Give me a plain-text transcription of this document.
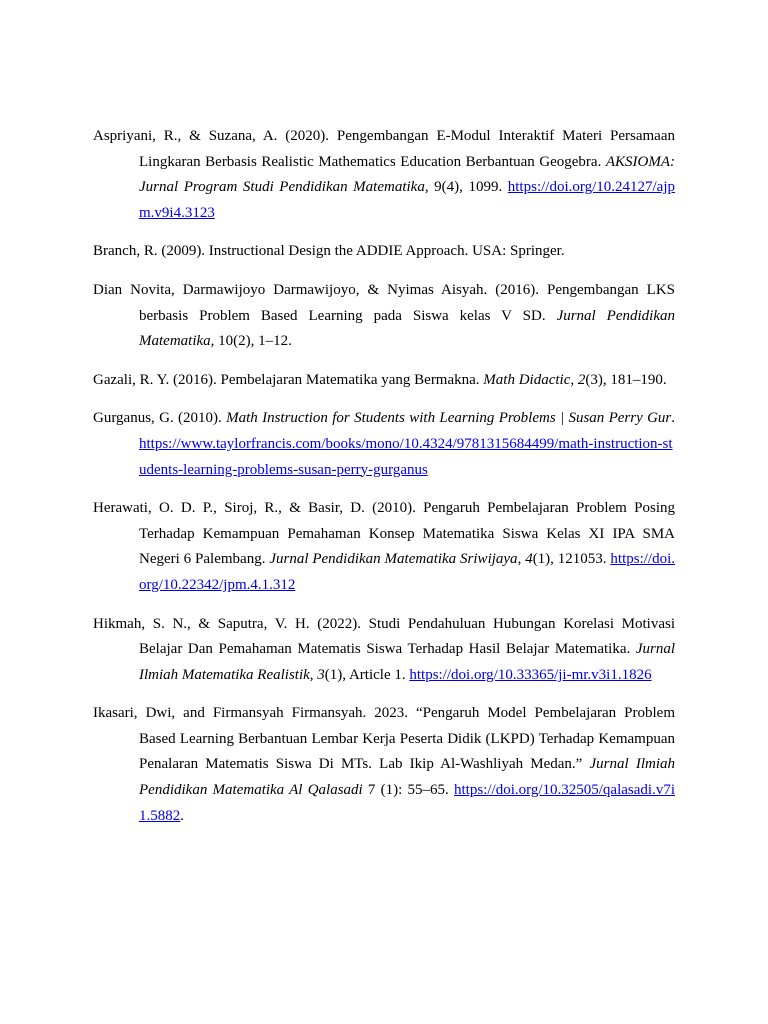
Aspriyani, R., & Suzana, A. (2020). Pengembangan E-Modul Interaktif Materi Persamaan Lingkaran Berbasis Realistic Mathematics Education Berbantuan Geogebra. AKSIOMA: Jurnal Program Studi Pendidikan Matematika, 9(4), 1099. https://doi.org/10.24127/ajpm.v9i4.3123

Branch, R. (2009). Instructional Design the ADDIE Approach. USA: Springer.

Dian Novita, Darmawijoyo Darmawijoyo, & Nyimas Aisyah. (2016). Pengembangan LKS berbasis Problem Based Learning pada Siswa kelas V SD. Jurnal Pendidikan Matematika, 10(2), 1–12.

Gazali, R. Y. (2016). Pembelajaran Matematika yang Bermakna. Math Didactic, 2(3), 181–190.

Gurganus, G. (2010). Math Instruction for Students with Learning Problems | Susan Perry Gur. https://www.taylorfrancis.com/books/mono/10.4324/9781315684499/math-instruction-students-learning-problems-susan-perry-gurganus

Herawati, O. D. P., Siroj, R., & Basir, D. (2010). Pengaruh Pembelajaran Problem Posing Terhadap Kemampuan Pemahaman Konsep Matematika Siswa Kelas XI IPA SMA Negeri 6 Palembang. Jurnal Pendidikan Matematika Sriwijaya, 4(1), 121053. https://doi.org/10.22342/jpm.4.1.312

Hikmah, S. N., & Saputra, V. H. (2022). Studi Pendahuluan Hubungan Korelasi Motivasi Belajar Dan Pemahaman Matematis Siswa Terhadap Hasil Belajar Matematika. Jurnal Ilmiah Matematika Realistik, 3(1), Article 1. https://doi.org/10.33365/ji-mr.v3i1.1826

Ikasari, Dwi, and Firmansyah Firmansyah. 2023. “Pengaruh Model Pembelajaran Problem Based Learning Berbantuan Lembar Kerja Peserta Didik (LKPD) Terhadap Kemampuan Penalaran Matematis Siswa Di MTs. Lab Ikip Al-Washliyah Medan.” Jurnal Ilmiah Pendidikan Matematika Al Qalasadi 7 (1): 55–65. https://doi.org/10.32505/qalasadi.v7i1.5882.
